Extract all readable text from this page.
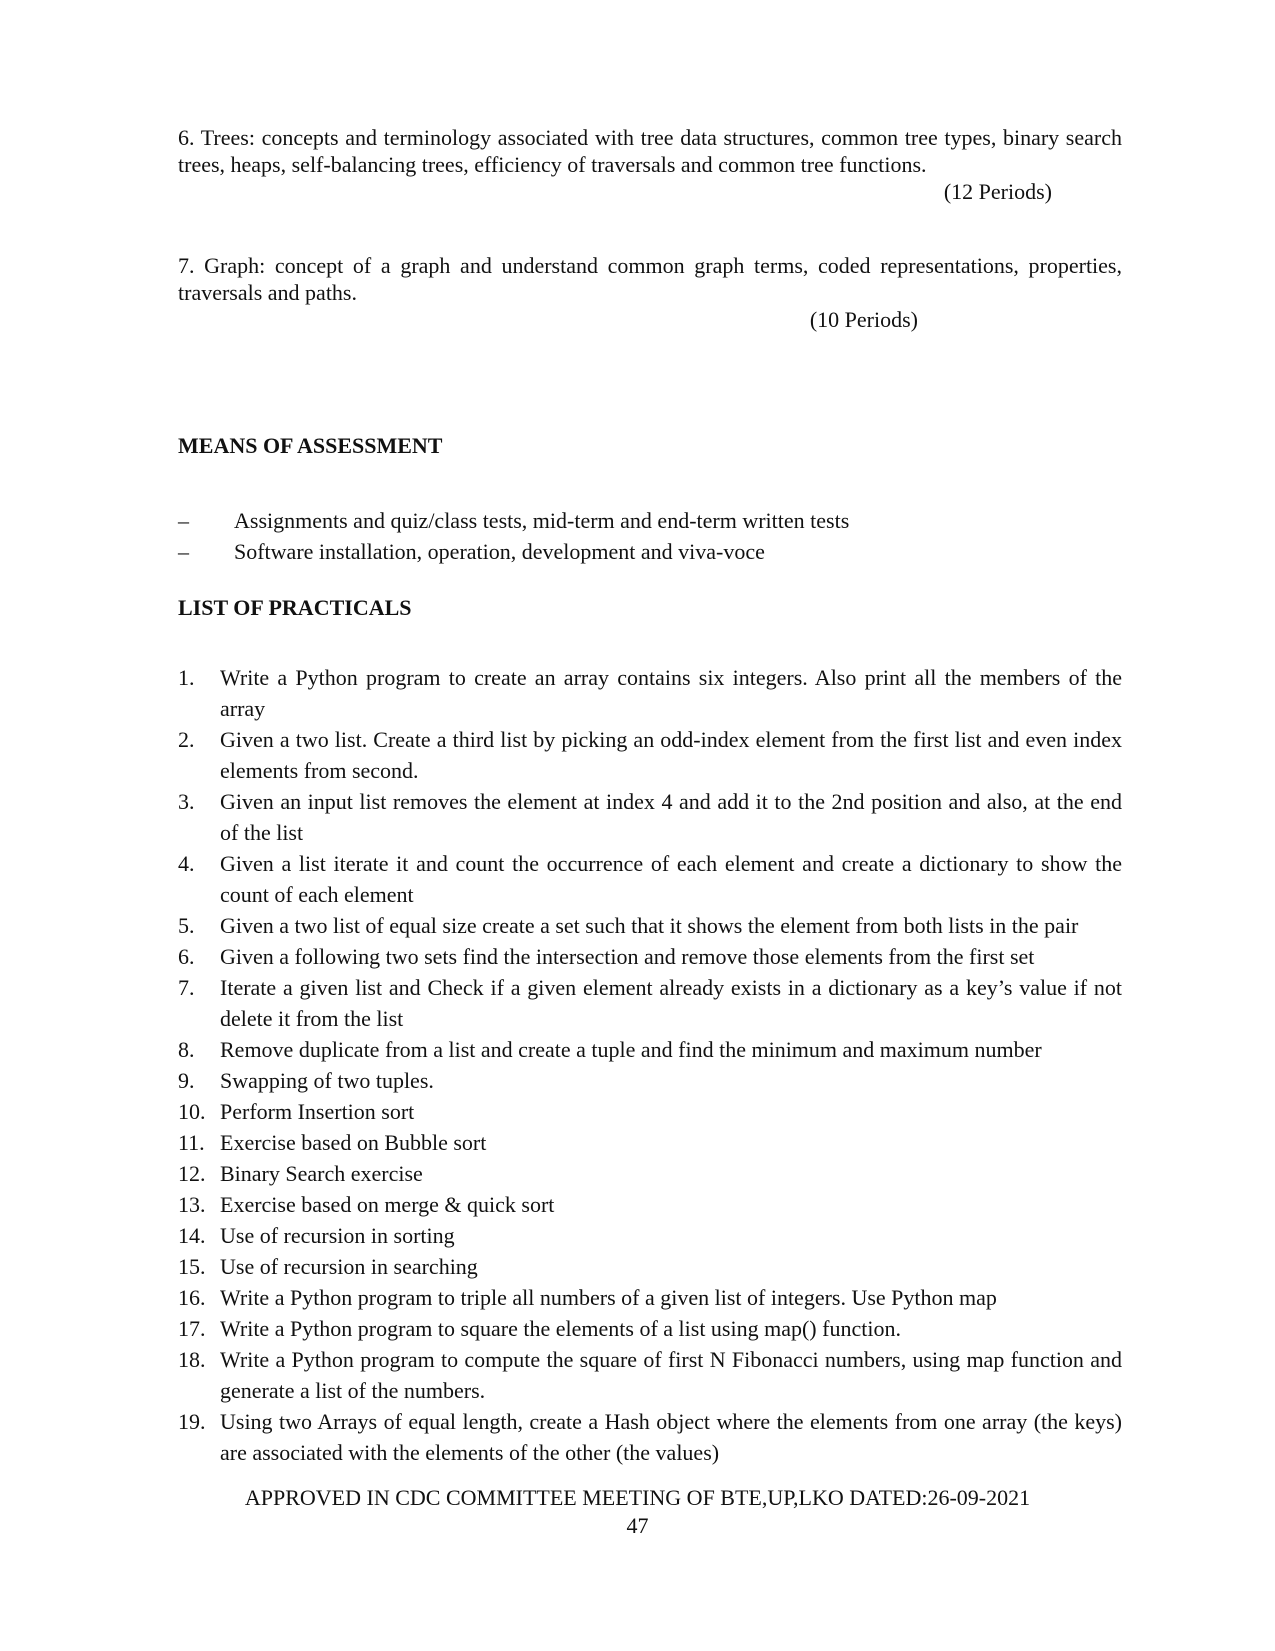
6. Trees: concepts and terminology associated with tree data structures, common tree types, binary search trees, heaps, self-balancing trees, efficiency of traversals and common tree functions.
(12 Periods)
7. Graph: concept of a graph and understand common graph terms, coded representations, properties, traversals and paths.
(10 Periods)
MEANS OF ASSESSMENT
– Assignments and quiz/class tests, mid-term and end-term written tests
– Software installation, operation, development and viva-voce
LIST OF PRACTICALS
1. Write a Python program to create an array contains six integers. Also print all the members of the array
2. Given a two list. Create a third list by picking an odd-index element from the first list and even index elements from second.
3. Given an input list removes the element at index 4 and add it to the 2nd position and also, at the end of the list
4. Given a list iterate it and count the occurrence of each element and create a dictionary to show the count of each element
5. Given a two list of equal size create a set such that it shows the element from both lists in the pair
6. Given a following two sets find the intersection and remove those elements from the first set
7. Iterate a given list and Check if a given element already exists in a dictionary as a key’s value if not delete it from the list
8. Remove duplicate from a list and create a tuple and find the minimum and maximum number
9. Swapping of two tuples.
10. Perform Insertion sort
11. Exercise based on Bubble sort
12. Binary Search exercise
13. Exercise based on merge & quick sort
14. Use of recursion in sorting
15. Use of recursion in searching
16. Write a Python program to triple all numbers of a given list of integers. Use Python map
17. Write a Python program to square the elements of a list using map() function.
18. Write a Python program to compute the square of first N Fibonacci numbers, using map function and generate a list of the numbers.
19. Using two Arrays of equal length, create a Hash object where the elements from one array (the keys) are associated with the elements of the other (the values)
APPROVED IN CDC COMMITTEE MEETING OF BTE,UP,LKO DATED:26-09-2021
47
